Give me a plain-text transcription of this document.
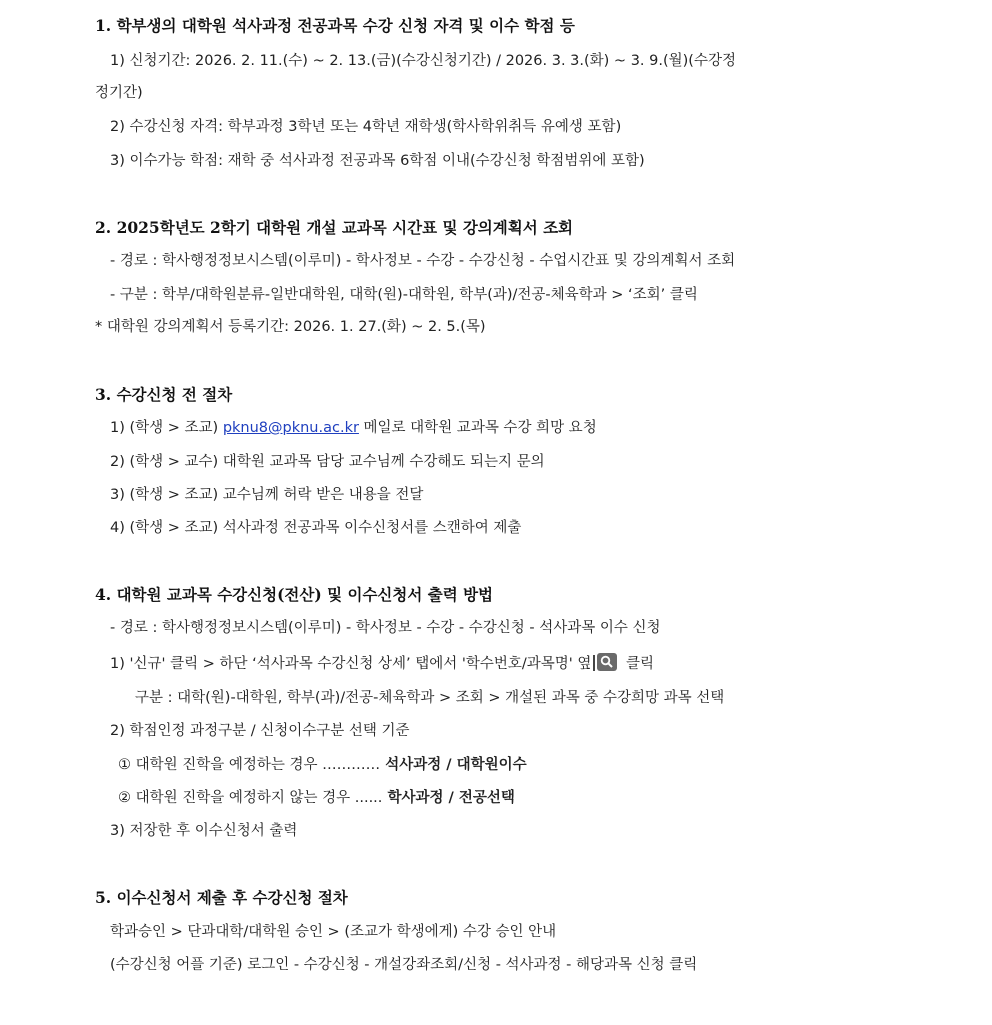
1. 학부생의 대학원 석사과정 전공과목 수강 신청 자격 및 이수 학점 등
1) 신청기간: 2026. 2. 11.(수) ~ 2. 13.(금)(수강신청기간) / 2026. 3. 3.(화) ~ 3. 9.(월)(수강정
정기간)
2) 수강신청 자격: 학부과정 3학년 또는 4학년 재학생(학사학위취득 유예생 포함)
3) 이수가능 학점: 재학 중 석사과정 전공과목 6학점 이내(수강신청 학점범위에 포함)
2. 2025학년도 2학기 대학원 개설 교과목 시간표 및 강의계획서 조회
- 경로 : 학사행정정보시스템(이루미) - 학사정보 - 수강 - 수강신청 - 수업시간표 및 강의계획서 조회
- 구분 : 학부/대학원분류-일반대학원, 대학(원)-대학원, 학부(과)/전공-체육학과 > ‘조회’ 클릭
* 대학원 강의계획서 등록기간: 2026. 1. 27.(화) ~ 2. 5.(목)
3. 수강신청 전 절차
1) (학생 > 조교) pknu8@pknu.ac.kr 메일로 대학원 교과목 수강 희망 요청
2) (학생 > 교수) 대학원 교과목 담당 교수님께 수강해도 되는지 문의
3) (학생 > 조교) 교수님께 허락 받은 내용을 전달
4) (학생 > 조교) 석사과정 전공과목 이수신청서를 스캔하여 제출
4. 대학원 교과목 수강신청(전산) 및 이수신청서 출력 방법
- 경로 : 학사행정정보시스템(이루미) - 학사정보 - 수강 - 수강신청 - 석사과목 이수 신청
1) '신규' 클릭 > 하단 ‘석사과목 수강신청 상세’ 탭에서 '학수번호/과목명' 옆
클릭
구분 : 대학(원)-대학원, 학부(과)/전공-체육학과 > 조회 > 개설된 과목 중 수강희망 과목 선택
2) 학점인정 과정구분 / 신청이수구분 선택 기준
① 대학원 진학을 예정하는 경우 ………… 석사과정 / 대학원이수
② 대학원 진학을 예정하지 않는 경우 ...... 학사과정 / 전공선택
3) 저장한 후 이수신청서 출력
5. 이수신청서 제출 후 수강신청 절차
학과승인 > 단과대학/대학원 승인 > (조교가 학생에게) 수강 승인 안내
(수강신청 어플 기준) 로그인 - 수강신청 - 개설강좌조회/신청 - 석사과정 - 해당과목 신청 클릭
